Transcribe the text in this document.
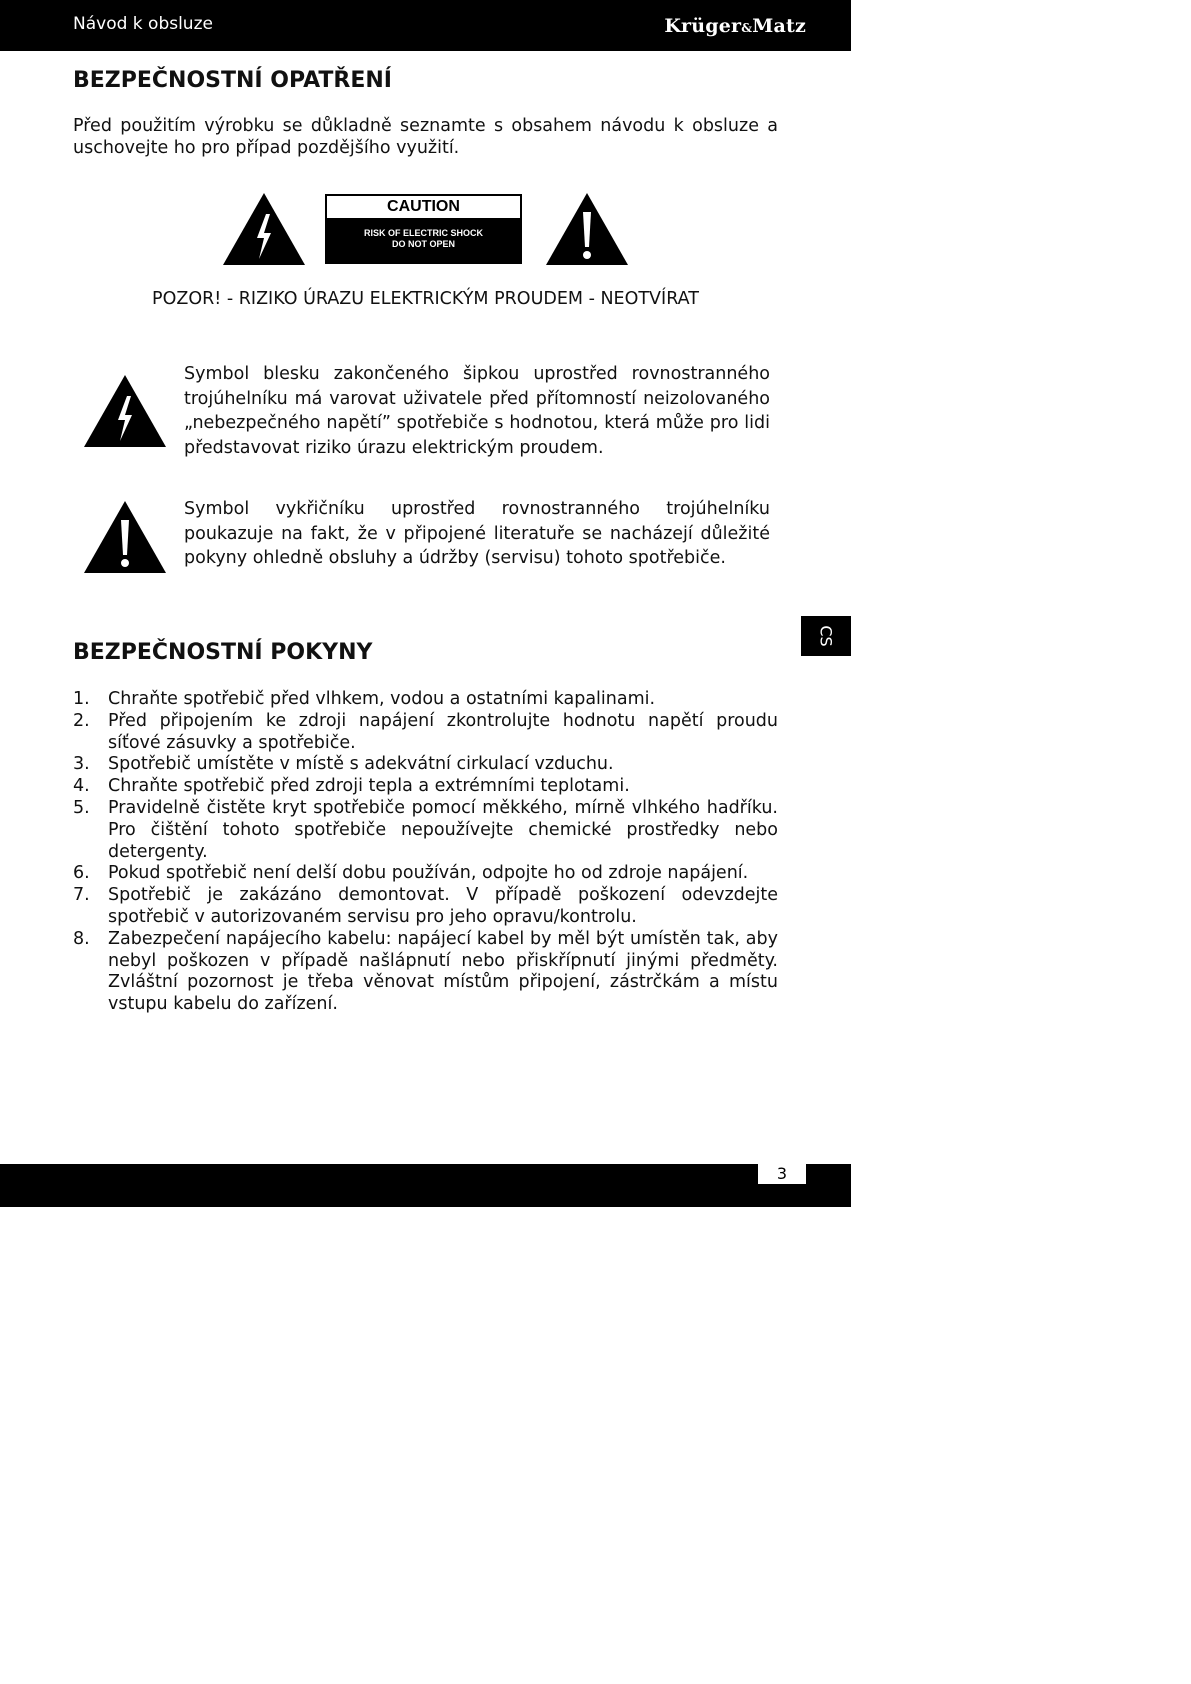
Návod k obsluze	Krüger&Matz
BEZPEČNOSTNÍ OPATŘENÍ

Před použitím výrobku se důkladně seznamte s obsahem návodu k obsluze a uschovejte ho pro případ pozdějšího využití.

CAUTION
RISK OF ELECTRIC SHOCK
DO NOT OPEN

POZOR! - RIZIKO ÚRAZU ELEKTRICKÝM PROUDEM - NEOTVÍRAT

Symbol blesku zakončeného šipkou uprostřed rovnostranného trojúhelníku má varovat uživatele před přítomností neizolovaného „nebezpečného napětí” spotřebiče s hodnotou, která může pro lidi představovat riziko úrazu elektrickým proudem.

Symbol vykřičníku uprostřed rovnostranného trojúhelníku poukazuje na fakt, že v připojené literatuře se nacházejí důležité pokyny ohledně obsluhy a údržby (servisu) tohoto spotřebiče.

CS
BEZPEČNOSTNÍ POKYNY
1. Chraňte spotřebič před vlhkem, vodou a ostatními kapalinami.
2. Před připojením ke zdroji napájení zkontrolujte hodnotu napětí proudu síťové zásuvky a spotřebiče.
3. Spotřebič umístěte v místě s adekvátní cirkulací vzduchu.
4. Chraňte spotřebič před zdroji tepla a extrémními teplotami.
5. Pravidelně čistěte kryt spotřebiče pomocí měkkého, mírně vlhkého hadříku. Pro čištění tohoto spotřebiče nepoužívejte chemické prostředky nebo detergenty.
6. Pokud spotřebič není delší dobu používán, odpojte ho od zdroje napájení.
7. Spotřebič je zakázáno demontovat. V případě poškození odevzdejte spotřebič v autorizovaném servisu pro jeho opravu/kontrolu.
8. Zabezpečení napájecího kabelu: napájecí kabel by měl být umístěn tak, aby nebyl poškozen v případě našlápnutí nebo přiskřípnutí jinými předměty. Zvláštní pozornost je třeba věnovat místům připojení, zástrčkám a místu vstupu kabelu do zařízení.
3
